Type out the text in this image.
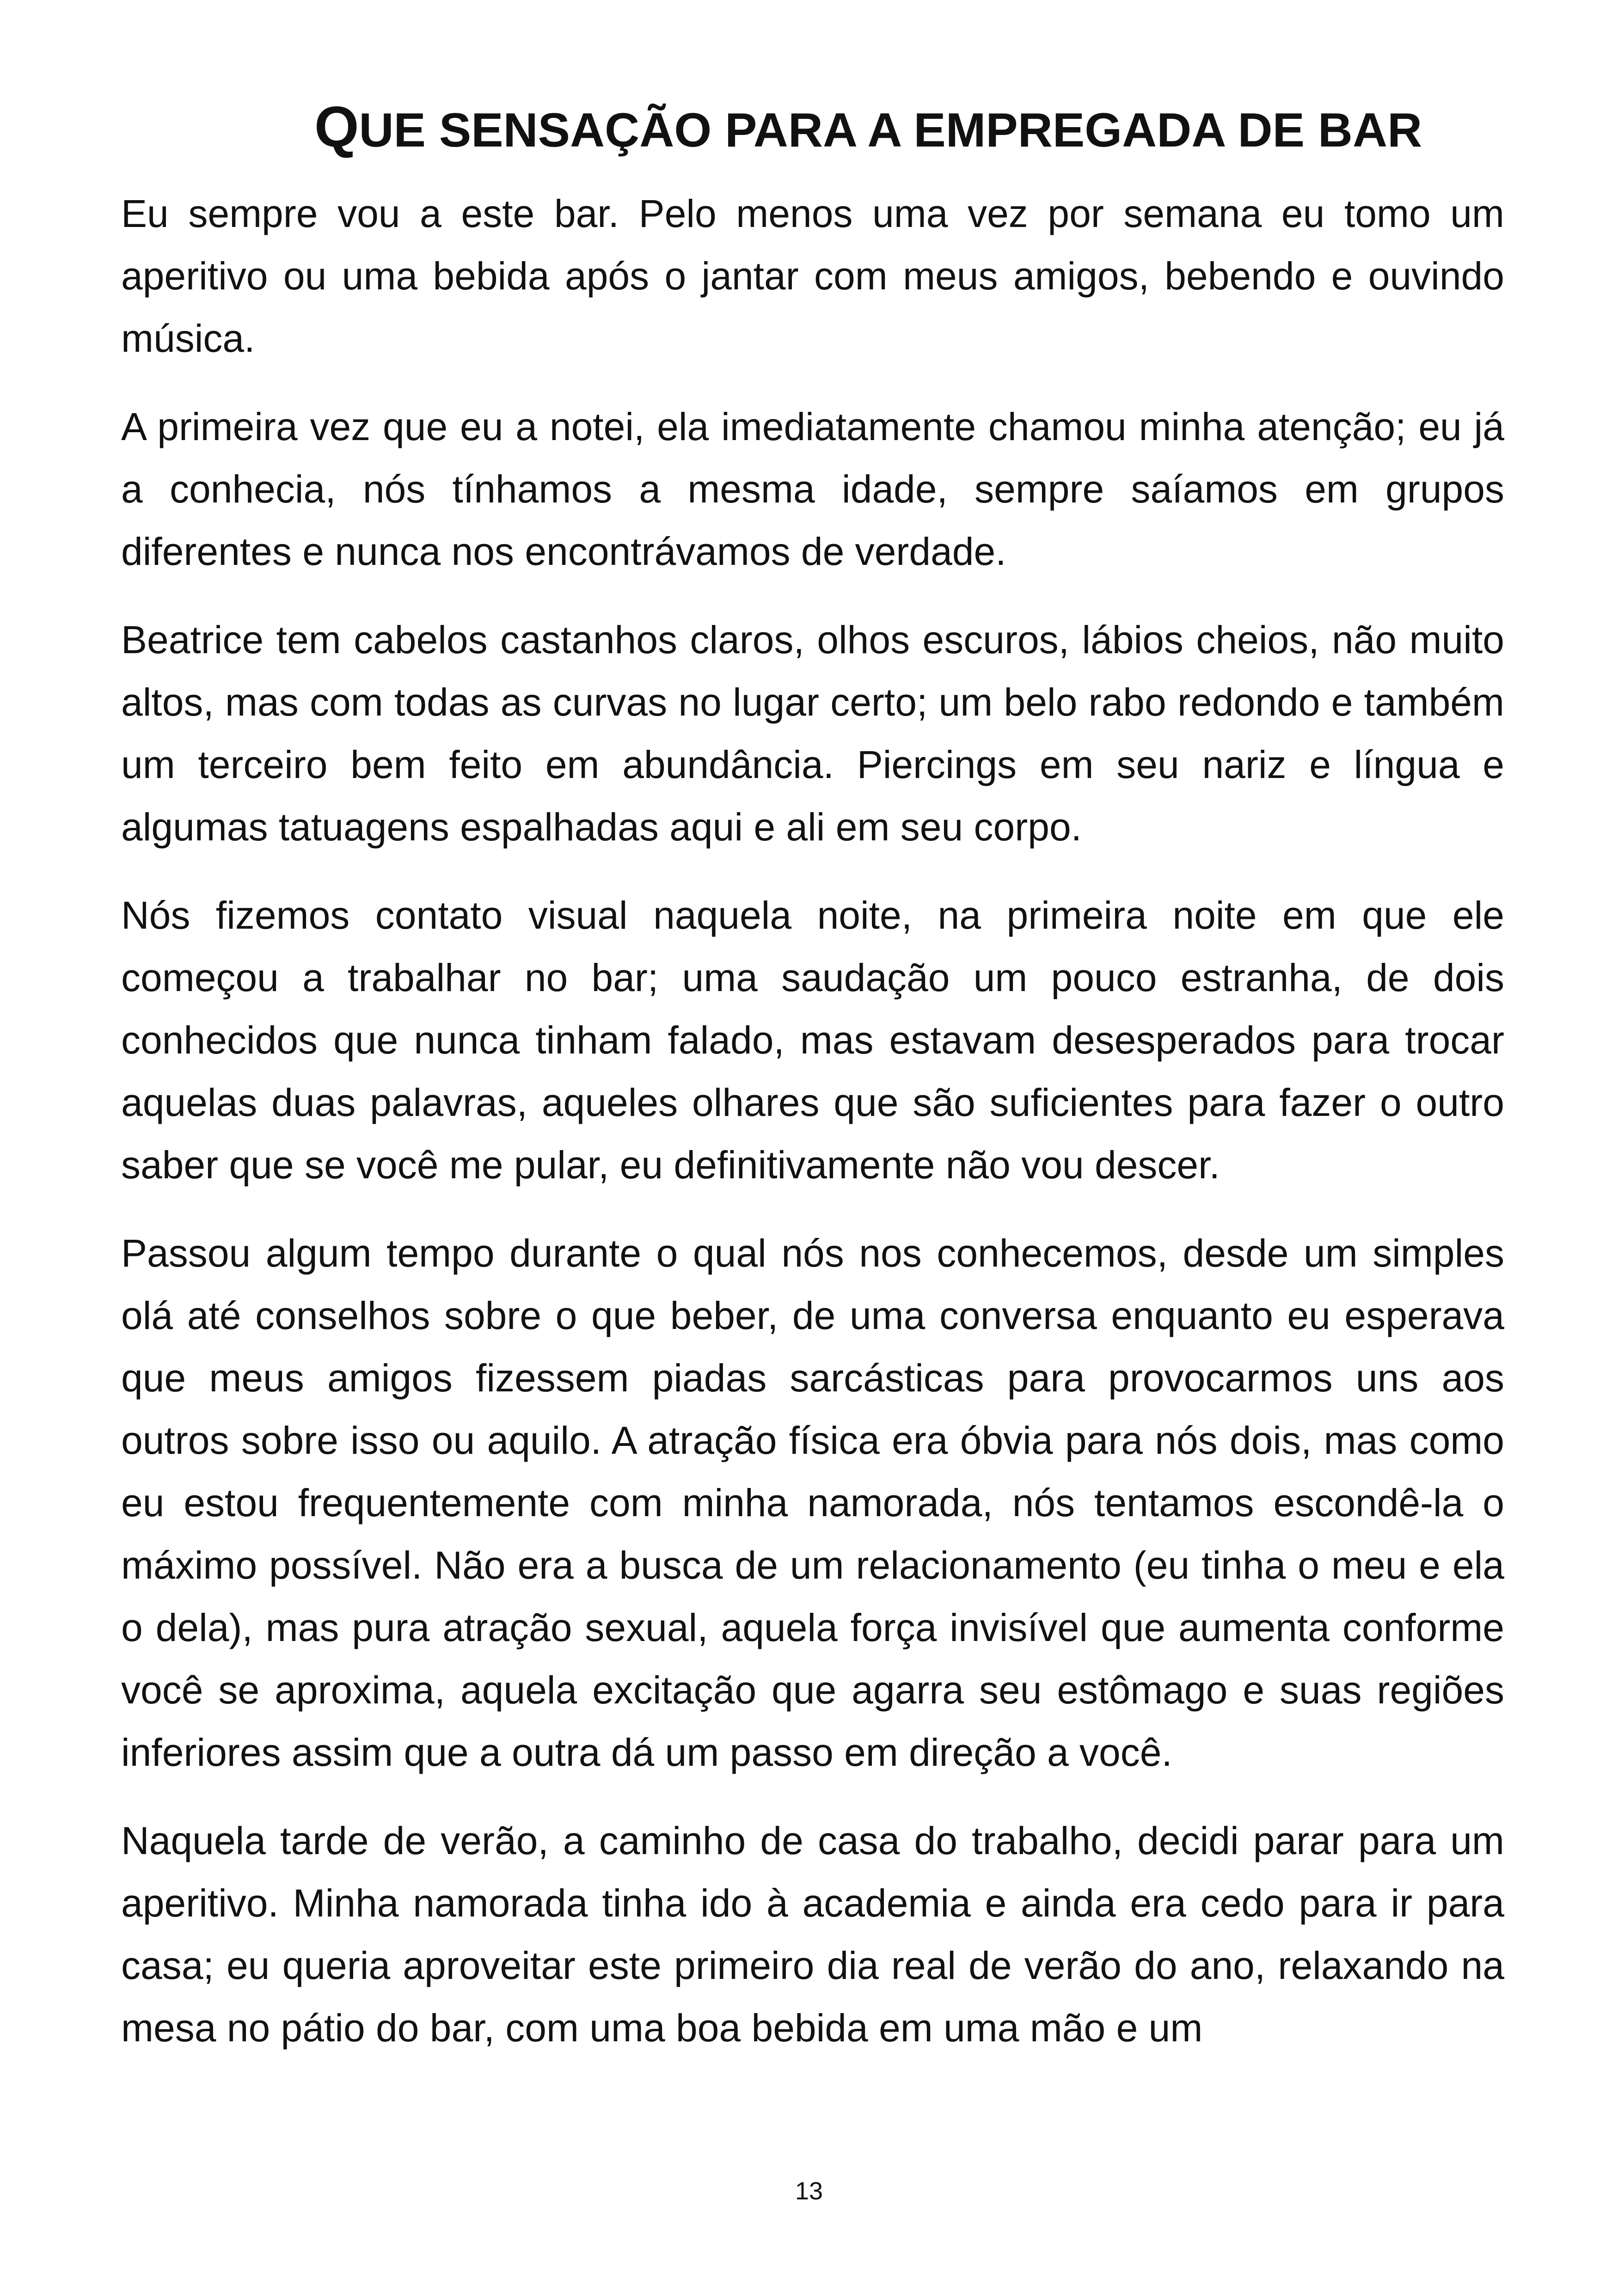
QUE SENSAÇÃO PARA A EMPREGADA DE BAR

Eu sempre vou a este bar. Pelo menos uma vez por semana eu tomo um aperitivo ou uma bebida após o jantar com meus amigos, bebendo e ouvindo música.

A primeira vez que eu a notei, ela imediatamente chamou minha atenção; eu já a conhecia, nós tínhamos a mesma idade, sempre saíamos em grupos diferentes e nunca nos encontrávamos de verdade.

Beatrice tem cabelos castanhos claros, olhos escuros, lábios cheios, não muito altos, mas com todas as curvas no lugar certo; um belo rabo redondo e também um terceiro bem feito em abundância. Piercings em seu nariz e língua e algumas tatuagens espalhadas aqui e ali em seu corpo.

Nós fizemos contato visual naquela noite, na primeira noite em que ele começou a trabalhar no bar; uma saudação um pouco estranha, de dois conhecidos que nunca tinham falado, mas estavam desesperados para trocar aquelas duas palavras, aqueles olhares que são suficientes para fazer o outro saber que se você me pular, eu definitivamente não vou descer.

Passou algum tempo durante o qual nós nos conhecemos, desde um simples olá até conselhos sobre o que beber, de uma conversa enquanto eu esperava que meus amigos fizessem piadas sarcásticas para provocarmos uns aos outros sobre isso ou aquilo. A atração física era óbvia para nós dois, mas como eu estou frequentemente com minha namorada, nós tentamos escondê-la o máximo possível. Não era a busca de um relacionamento (eu tinha o meu e ela o dela), mas pura atração sexual, aquela força invisível que aumenta conforme você se aproxima, aquela excitação que agarra seu estômago e suas regiões inferiores assim que a outra dá um passo em direção a você.

Naquela tarde de verão, a caminho de casa do trabalho, decidi parar para um aperitivo. Minha namorada tinha ido à academia e ainda era cedo para ir para casa; eu queria aproveitar este primeiro dia real de verão do ano, relaxando na mesa no pátio do bar, com uma boa bebida em uma mão e um

13
